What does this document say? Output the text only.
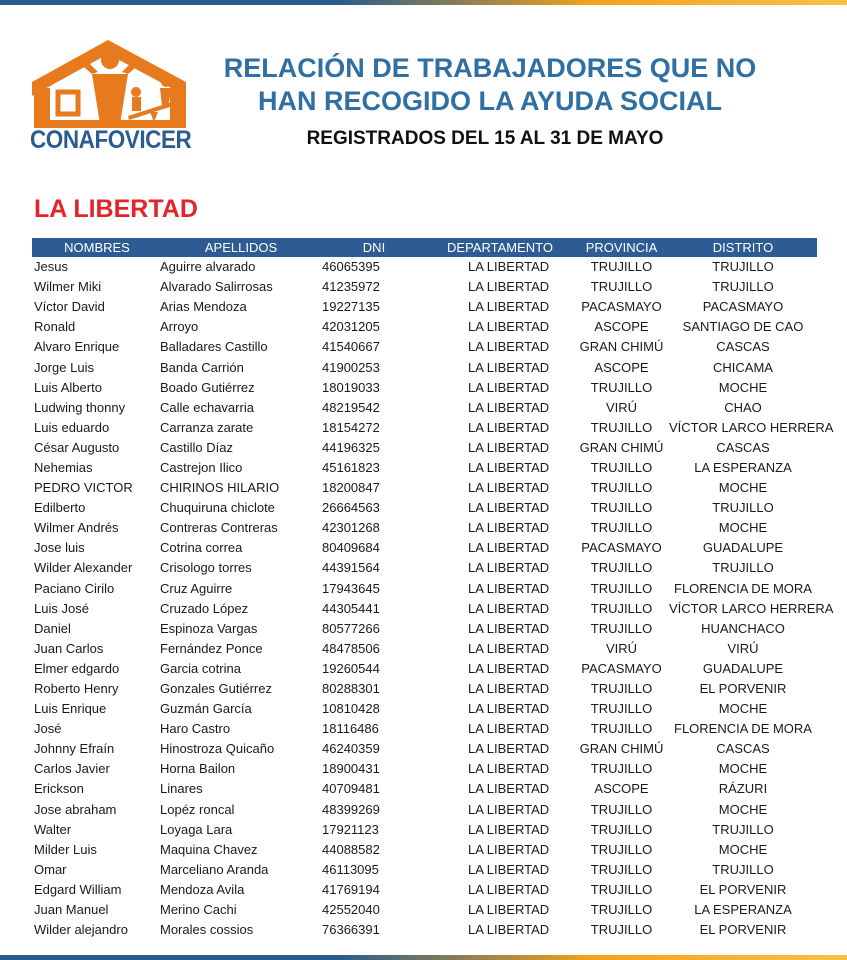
CONAFOVICER
RELACIÓN DE TRABAJADORES QUE NO
HAN RECOGIDO LA AYUDA SOCIAL
REGISTRADOS DEL 15 AL 31 DE MAYO
LA LIBERTAD
NOMBRES	APELLIDOS	DNI	DEPARTAMENTO	PROVINCIA	DISTRITO
Jesus	Aguirre alvarado	46065395	LA LIBERTAD	TRUJILLO	TRUJILLO
Wilmer Miki	Alvarado Salirrosas	41235972	LA LIBERTAD	TRUJILLO	TRUJILLO
Víctor David	Arias Mendoza	19227135	LA LIBERTAD	PACASMAYO	PACASMAYO
Ronald	Arroyo	42031205	LA LIBERTAD	ASCOPE	SANTIAGO DE CAO
Alvaro Enrique	Balladares Castillo	41540667	LA LIBERTAD	GRAN CHIMÚ	CASCAS
Jorge Luis	Banda Carrión	41900253	LA LIBERTAD	ASCOPE	CHICAMA
Luis Alberto	Boado Gutiérrez	18019033	LA LIBERTAD	TRUJILLO	MOCHE
Ludwing thonny	Calle echavarria	48219542	LA LIBERTAD	VIRÚ	CHAO
Luis eduardo	Carranza zarate	18154272	LA LIBERTAD	TRUJILLO	VÍCTOR LARCO HERRERA
César Augusto	Castillo Díaz	44196325	LA LIBERTAD	GRAN CHIMÚ	CASCAS
Nehemias	Castrejon Ilico	45161823	LA LIBERTAD	TRUJILLO	LA ESPERANZA
PEDRO VICTOR	CHIRINOS HILARIO	18200847	LA LIBERTAD	TRUJILLO	MOCHE
Edilberto	Chuquiruna chiclote	26664563	LA LIBERTAD	TRUJILLO	TRUJILLO
Wilmer Andrés	Contreras Contreras	42301268	LA LIBERTAD	TRUJILLO	MOCHE
Jose luis	Cotrina correa	80409684	LA LIBERTAD	PACASMAYO	GUADALUPE
Wilder Alexander	Crisologo torres	44391564	LA LIBERTAD	TRUJILLO	TRUJILLO
Paciano Cirilo	Cruz Aguirre	17943645	LA LIBERTAD	TRUJILLO	FLORENCIA DE MORA
Luis José	Cruzado López	44305441	LA LIBERTAD	TRUJILLO	VÍCTOR LARCO HERRERA
Daniel	Espinoza Vargas	80577266	LA LIBERTAD	TRUJILLO	HUANCHACO
Juan Carlos	Fernández Ponce	48478506	LA LIBERTAD	VIRÚ	VIRÚ
Elmer edgardo	Garcia cotrina	19260544	LA LIBERTAD	PACASMAYO	GUADALUPE
Roberto Henry	Gonzales Gutiérrez	80288301	LA LIBERTAD	TRUJILLO	EL PORVENIR
Luis Enrique	Guzmán García	10810428	LA LIBERTAD	TRUJILLO	MOCHE
José	Haro Castro	18116486	LA LIBERTAD	TRUJILLO	FLORENCIA DE MORA
Johnny Efraín	Hinostroza Quicaño	46240359	LA LIBERTAD	GRAN CHIMÚ	CASCAS
Carlos Javier	Horna Bailon	18900431	LA LIBERTAD	TRUJILLO	MOCHE
Erickson	Linares	40709481	LA LIBERTAD	ASCOPE	RÁZURI
Jose abraham	Lopéz roncal	48399269	LA LIBERTAD	TRUJILLO	MOCHE
Walter	Loyaga Lara	17921123	LA LIBERTAD	TRUJILLO	TRUJILLO
Milder Luis	Maquina Chavez	44088582	LA LIBERTAD	TRUJILLO	MOCHE
Omar	Marceliano Aranda	46113095	LA LIBERTAD	TRUJILLO	TRUJILLO
Edgard William	Mendoza Avila	41769194	LA LIBERTAD	TRUJILLO	EL PORVENIR
Juan Manuel	Merino Cachi	42552040	LA LIBERTAD	TRUJILLO	LA ESPERANZA
Wilder alejandro	Morales cossios	76366391	LA LIBERTAD	TRUJILLO	EL PORVENIR
